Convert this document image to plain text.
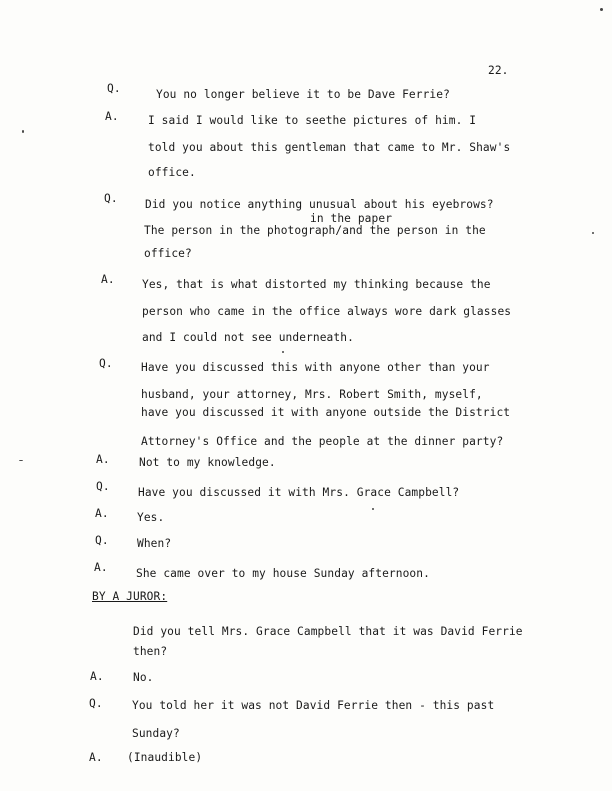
22.
Q.	You no longer believe it to be Dave Ferrie?
A.	I said I would like to seethe pictures of him. I
told you about this gentleman that came to Mr. Shaw's
office.
Q. Did you notice anything unusual about his eyebrows?
in the paper
The person in the photograph/and the person in the
office?
A. Yes, that is what distorted my thinking because the
person who came in the office always wore dark glasses
and I could not see underneath.
Q.	Have you discussed this with anyone other than your
husband, your attorney, Mrs. Robert Smith, myself,
have you discussed it with anyone outside the District
Attorney's Office and the people at the dinner party?
A.	Not to my knowledge.
Q.	Have you discussed it with Mrs. Grace Campbell?
A.	Yes.
Q.	When?
A.	She came over to my house Sunday afternoon.
BY A JUROR:
Did you tell Mrs. Grace Campbell that it was David Ferrie
then?
A.	No.
Q.	You told her it was not David Ferrie then - this past
Sunday?
A. (Inaudible)
